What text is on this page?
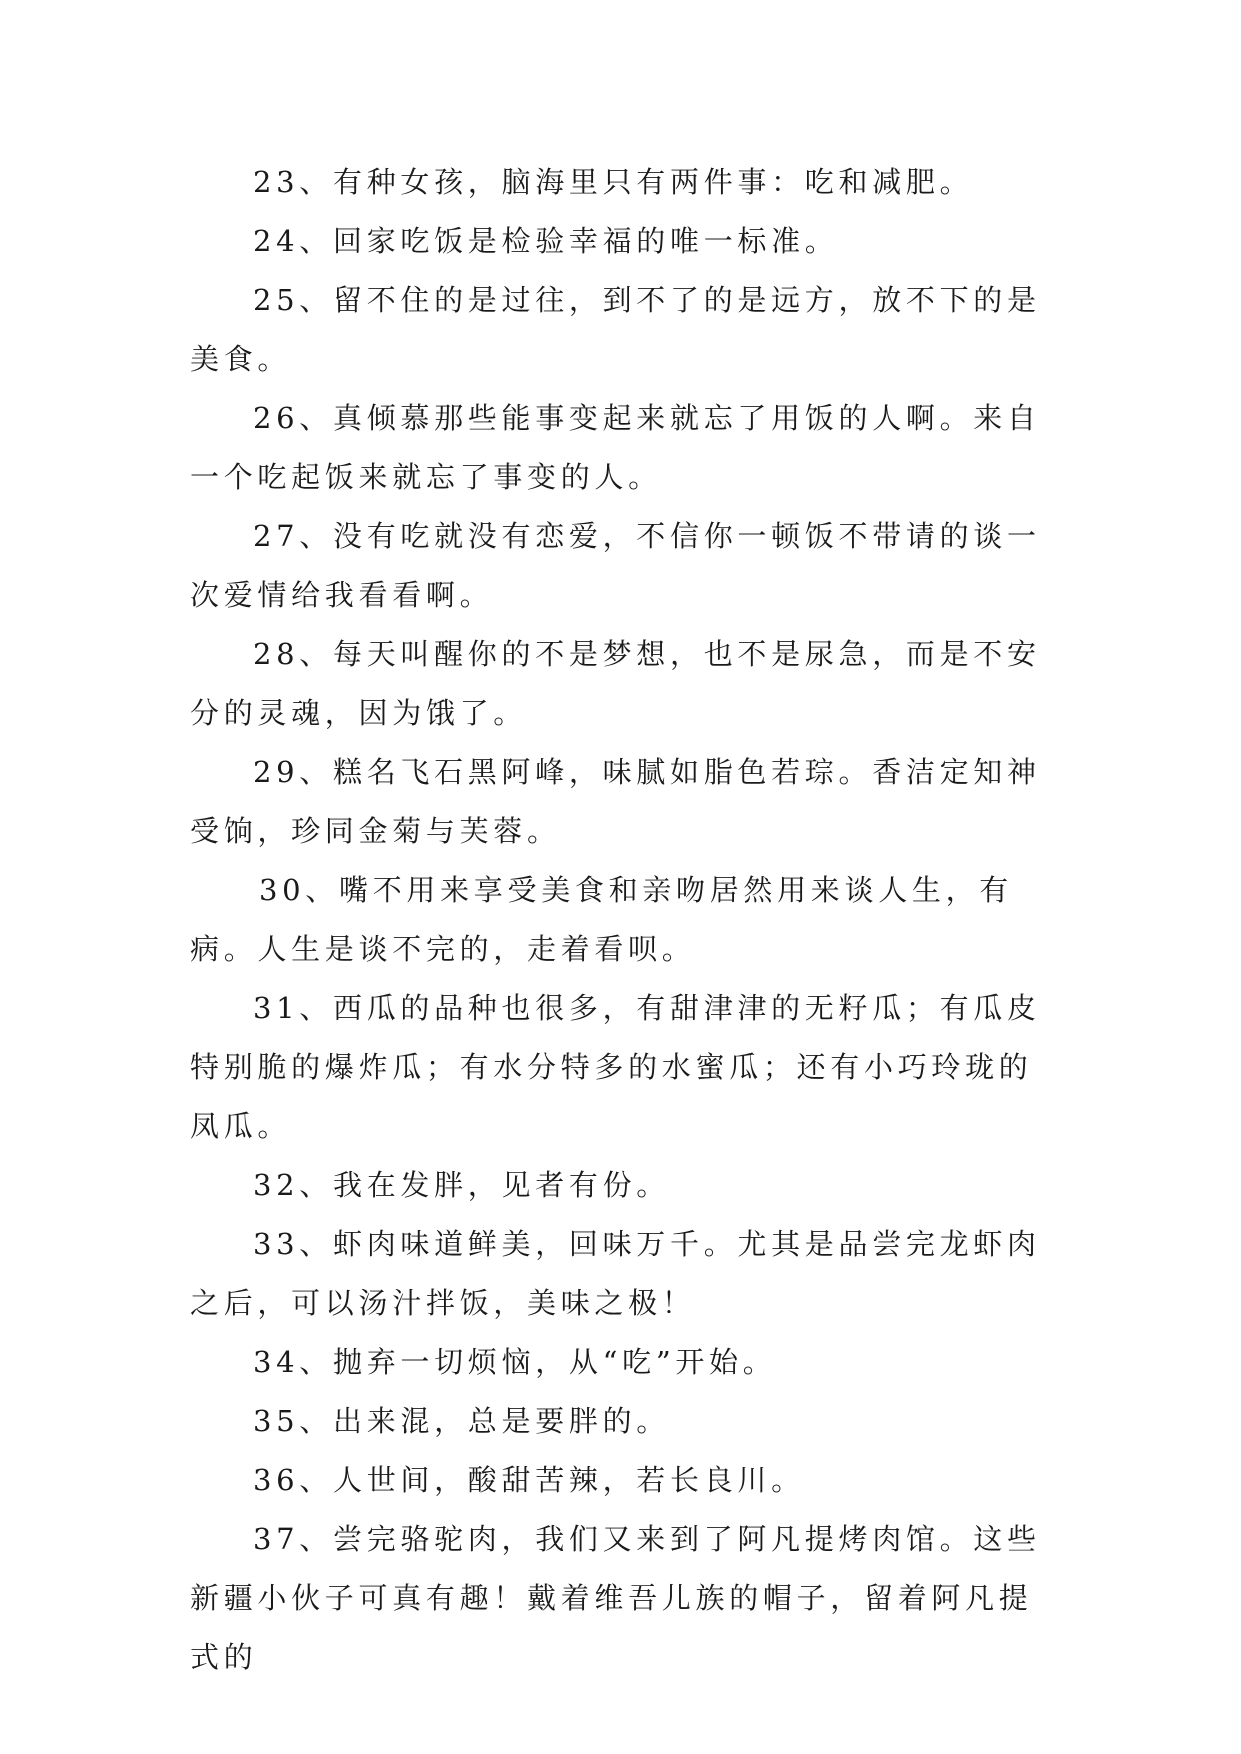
23、有种女孩，脑海里只有两件事：吃和减肥。

24、回家吃饭是检验幸福的唯一标准。

25、留不住的是过往，到不了的是远方，放不下的是美食。

26、真倾慕那些能事变起来就忘了用饭的人啊。来自一个吃起饭来就忘了事变的人。

27、没有吃就没有恋爱，不信你一顿饭不带请的谈一次爱情给我看看啊。

28、每天叫醒你的不是梦想，也不是尿急，而是不安分的灵魂，因为饿了。

29、糕名飞石黑阿峰，味腻如脂色若琮。香洁定知神受饷，珍同金菊与芙蓉。

30、嘴不用来享受美食和亲吻居然用来谈人生，有病。人生是谈不完的，走着看呗。

31、西瓜的品种也很多，有甜津津的无籽瓜；有瓜皮特别脆的爆炸瓜；有水分特多的水蜜瓜；还有小巧玲珑的凤瓜。

32、我在发胖，见者有份。

33、虾肉味道鲜美，回味万千。尤其是品尝完龙虾肉之后，可以汤汁拌饭，美味之极！

34、抛弃一切烦恼，从“吃”开始。

35、出来混，总是要胖的。

36、人世间，酸甜苦辣，若长良川。

37、尝完骆驼肉，我们又来到了阿凡提烤肉馆。这些新疆小伙子可真有趣！戴着维吾儿族的帽子，留着阿凡提式的
